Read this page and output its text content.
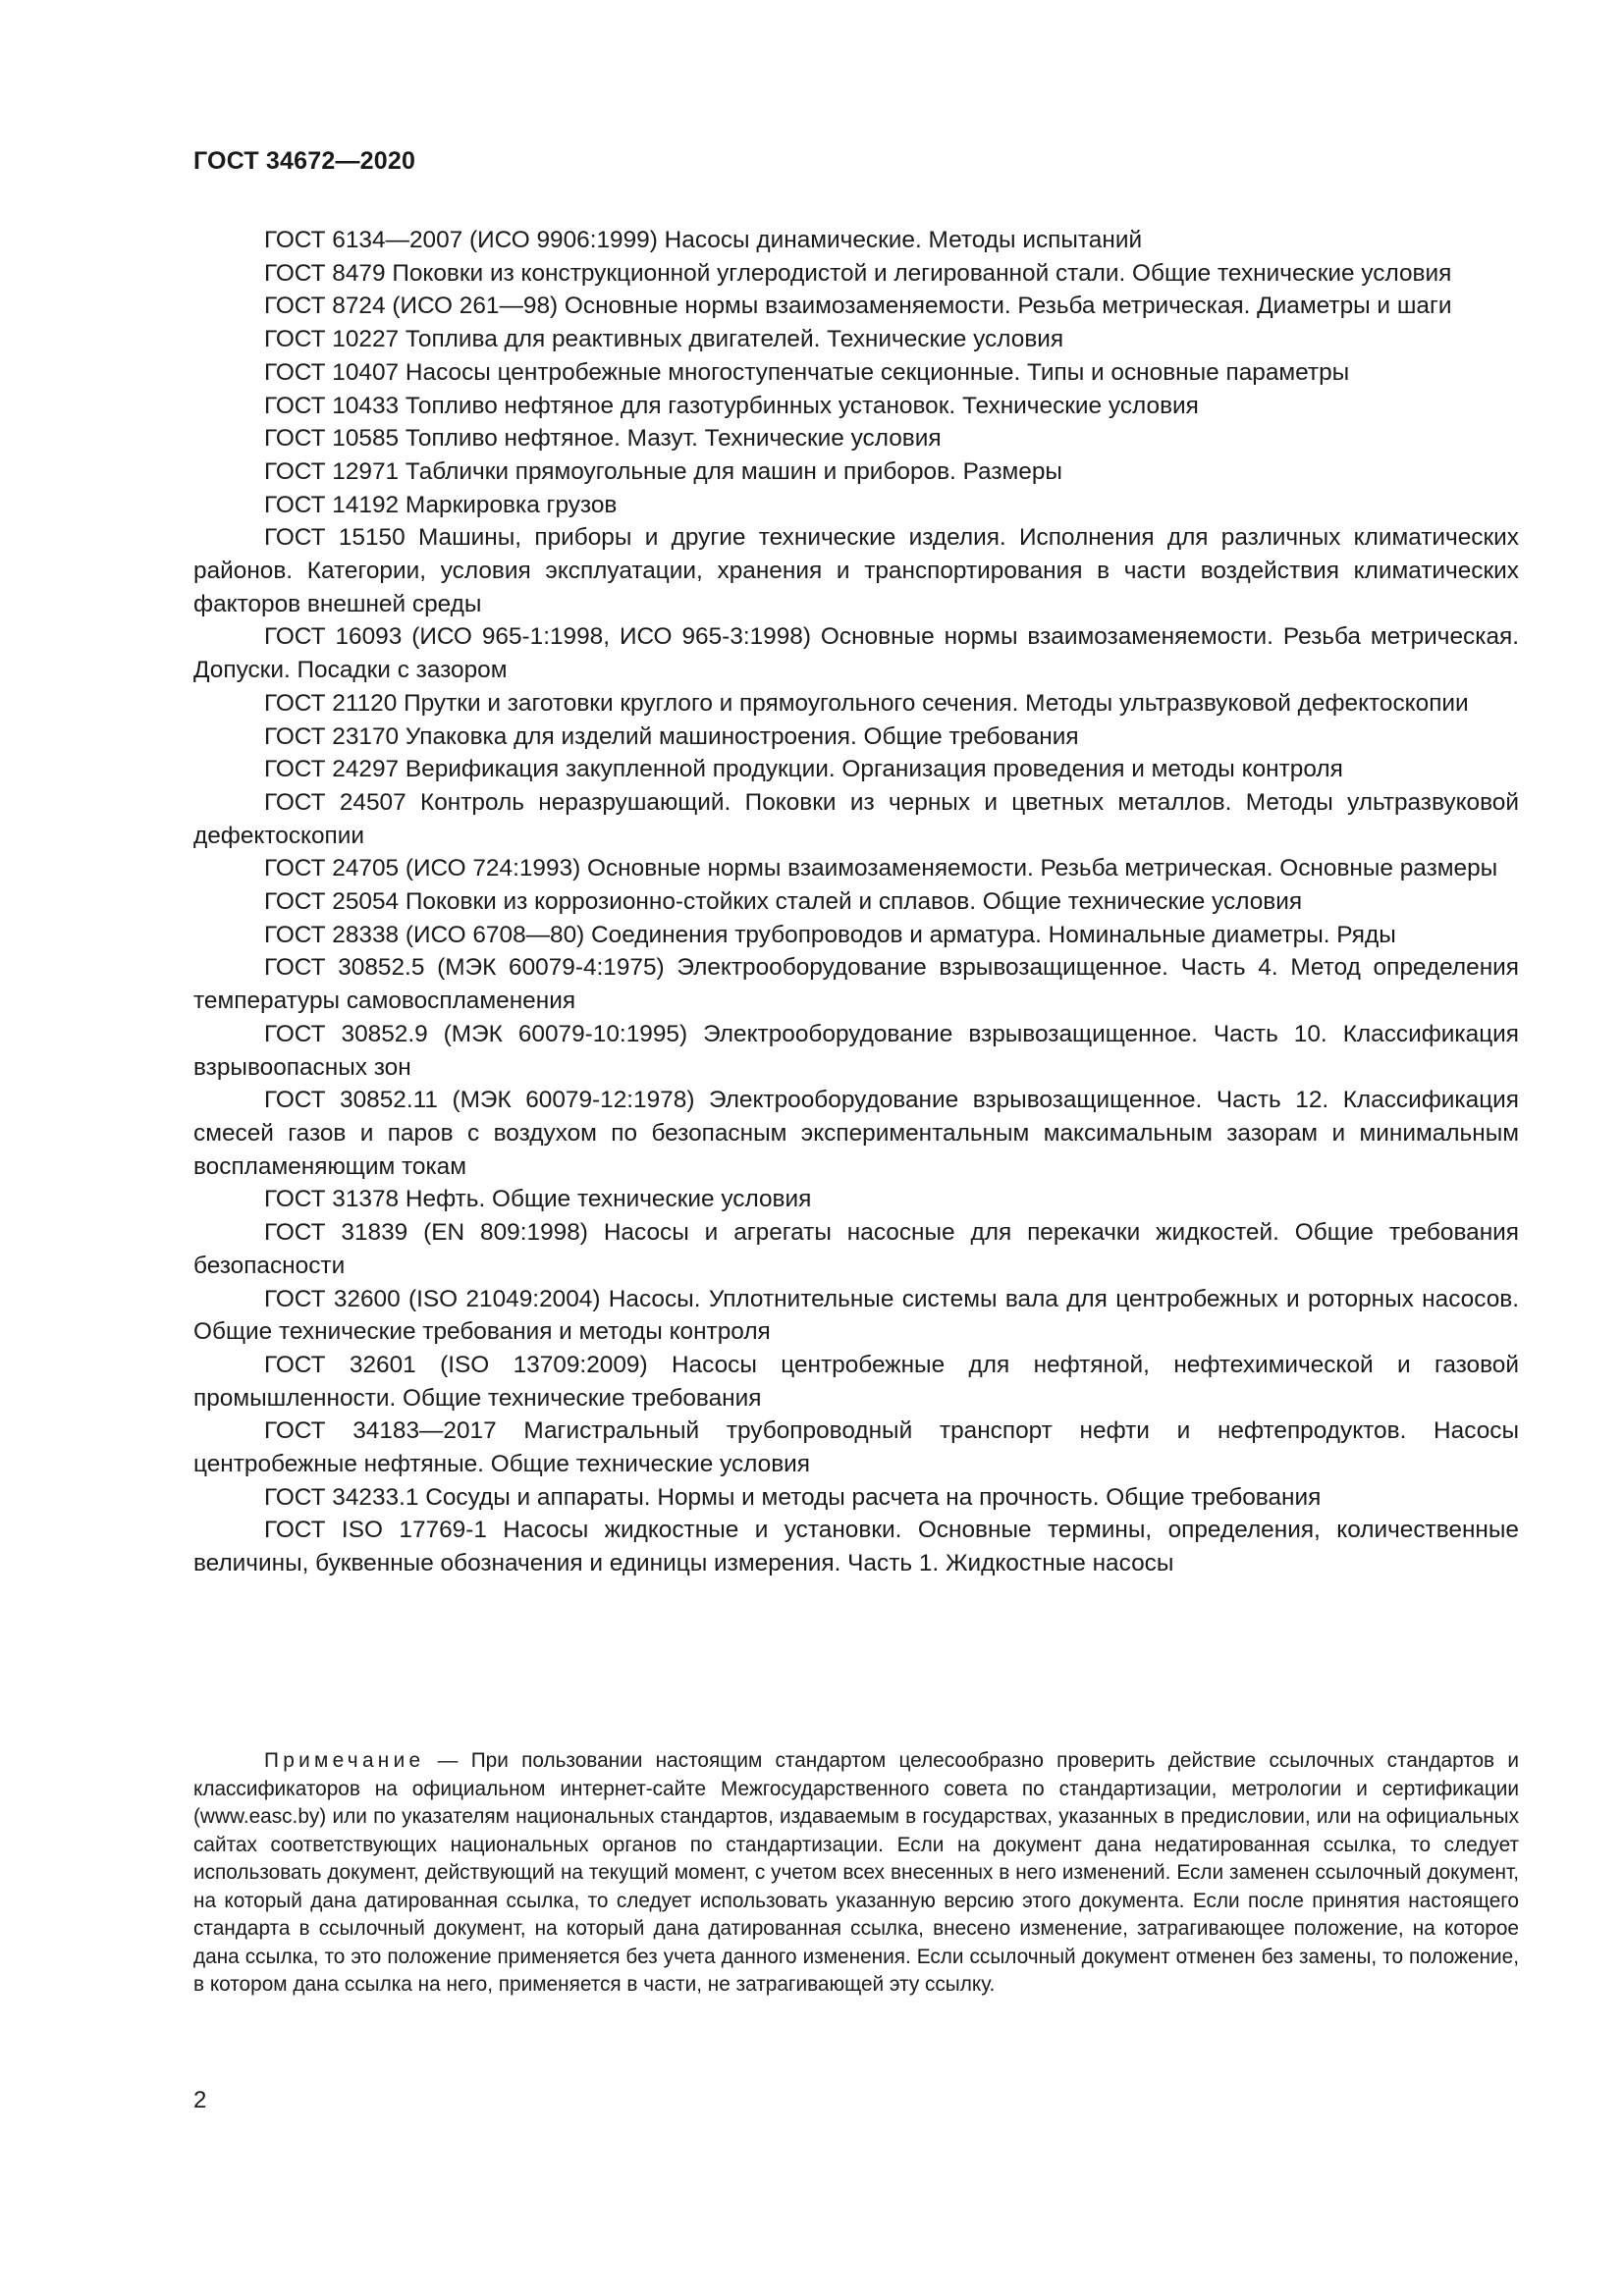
ГОСТ 34672—2020

ГОСТ 6134—2007 (ИСО 9906:1999) Насосы динамические. Методы испытаний

ГОСТ 8479 Поковки из конструкционной углеродистой и легированной стали. Общие технические условия

ГОСТ 8724 (ИСО 261—98) Основные нормы взаимозаменяемости. Резьба метрическая. Диаметры и шаги

ГОСТ 10227 Топлива для реактивных двигателей. Технические условия

ГОСТ 10407 Насосы центробежные многоступенчатые секционные. Типы и основные параметры

ГОСТ 10433 Топливо нефтяное для газотурбинных установок. Технические условия

ГОСТ 10585 Топливо нефтяное. Мазут. Технические условия

ГОСТ 12971 Таблички прямоугольные для машин и приборов. Размеры

ГОСТ 14192 Маркировка грузов

ГОСТ 15150 Машины, приборы и другие технические изделия. Исполнения для различных климатических районов. Категории, условия эксплуатации, хранения и транспортирования в части воздействия климатических факторов внешней среды

ГОСТ 16093 (ИСО 965-1:1998, ИСО 965-3:1998) Основные нормы взаимозаменяемости. Резьба метрическая. Допуски. Посадки с зазором

ГОСТ 21120 Прутки и заготовки круглого и прямоугольного сечения. Методы ультразвуковой дефектоскопии

ГОСТ 23170 Упаковка для изделий машиностроения. Общие требования

ГОСТ 24297 Верификация закупленной продукции. Организация проведения и методы контроля

ГОСТ 24507 Контроль неразрушающий. Поковки из черных и цветных металлов. Методы ультразвуковой дефектоскопии

ГОСТ 24705 (ИСО 724:1993) Основные нормы взаимозаменяемости. Резьба метрическая. Основные размеры

ГОСТ 25054 Поковки из коррозионно-стойких сталей и сплавов. Общие технические условия

ГОСТ 28338 (ИСО 6708—80) Соединения трубопроводов и арматура. Номинальные диаметры. Ряды

ГОСТ 30852.5 (МЭК 60079-4:1975) Электрооборудование взрывозащищенное. Часть 4. Метод определения температуры самовоспламенения

ГОСТ 30852.9 (МЭК 60079-10:1995) Электрооборудование взрывозащищенное. Часть 10. Классификация взрывоопасных зон

ГОСТ 30852.11 (МЭК 60079-12:1978) Электрооборудование взрывозащищенное. Часть 12. Классификация смесей газов и паров с воздухом по безопасным экспериментальным максимальным зазорам и минимальным воспламеняющим токам

ГОСТ 31378 Нефть. Общие технические условия

ГОСТ 31839 (EN 809:1998) Насосы и агрегаты насосные для перекачки жидкостей. Общие требования безопасности

ГОСТ 32600 (ISO 21049:2004) Насосы. Уплотнительные системы вала для центробежных и роторных насосов. Общие технические требования и методы контроля

ГОСТ 32601 (ISO 13709:2009) Насосы центробежные для нефтяной, нефтехимической и газовой промышленности. Общие технические требования

ГОСТ 34183—2017 Магистральный трубопроводный транспорт нефти и нефтепродуктов. Насосы центробежные нефтяные. Общие технические условия

ГОСТ 34233.1 Сосуды и аппараты. Нормы и методы расчета на прочность. Общие требования

ГОСТ ISO 17769-1 Насосы жидкостные и установки. Основные термины, определения, количественные величины, буквенные обозначения и единицы измерения. Часть 1. Жидкостные насосы

Примечание — При пользовании настоящим стандартом целесообразно проверить действие ссылочных стандартов и классификаторов на официальном интернет-сайте Межгосударственного совета по стандартизации, метрологии и сертификации (www.easc.by) или по указателям национальных стандартов, издаваемым в государствах, указанных в предисловии, или на официальных сайтах соответствующих национальных органов по стандартизации. Если на документ дана недатированная ссылка, то следует использовать документ, действующий на текущий момент, с учетом всех внесенных в него изменений. Если заменен ссылочный документ, на который дана датированная ссылка, то следует использовать указанную версию этого документа. Если после принятия настоящего стандарта в ссылочный документ, на который дана датированная ссылка, внесено изменение, затрагивающее положение, на которое дана ссылка, то это положение применяется без учета данного изменения. Если ссылочный документ отменен без замены, то положение, в котором дана ссылка на него, применяется в части, не затрагивающей эту ссылку.

2
